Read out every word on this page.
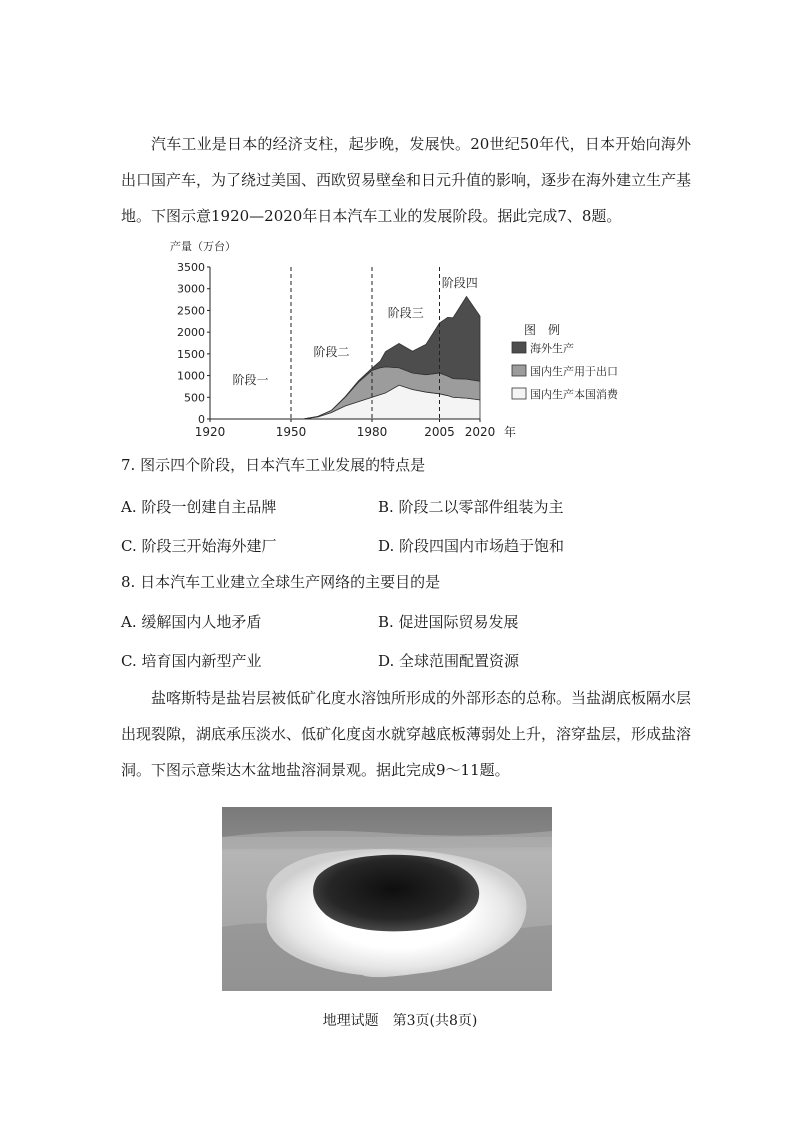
汽车工业是日本的经济支柱，起步晚，发展快。20世纪50年代，日本开始向海外出口国产车，为了绕过美国、西欧贸易壁垒和日元升值的影响，逐步在海外建立生产基地。下图示意1920—2020年日本汽车工业的发展阶段。据此完成7、8题。

0
500
1000
1500
2000
2500
3000
3500
1920	1950	1980	2005 2020
产量（万台）
年
阶段一
阶段二
阶段三
阶段四
图　例
海外生产
国内生产用于出口
国内生产本国消费

7. 图示四个阶段，日本汽车工业发展的特点是

A. 阶段一创建自主品牌	B. 阶段二以零部件组装为主

C. 阶段三开始海外建厂	D. 阶段四国内市场趋于饱和

8. 日本汽车工业建立全球生产网络的主要目的是

A. 缓解国内人地矛盾	B. 促进国际贸易发展

C. 培育国内新型产业	D. 全球范围配置资源

盐喀斯特是盐岩层被低矿化度水溶蚀所形成的外部形态的总称。当盐湖底板隔水层出现裂隙，湖底承压淡水、低矿化度卤水就穿越底板薄弱处上升，溶穿盐层，形成盐溶洞。下图示意柴达木盆地盐溶洞景观。据此完成9～11题。

地理试题　第3页(共8页)
